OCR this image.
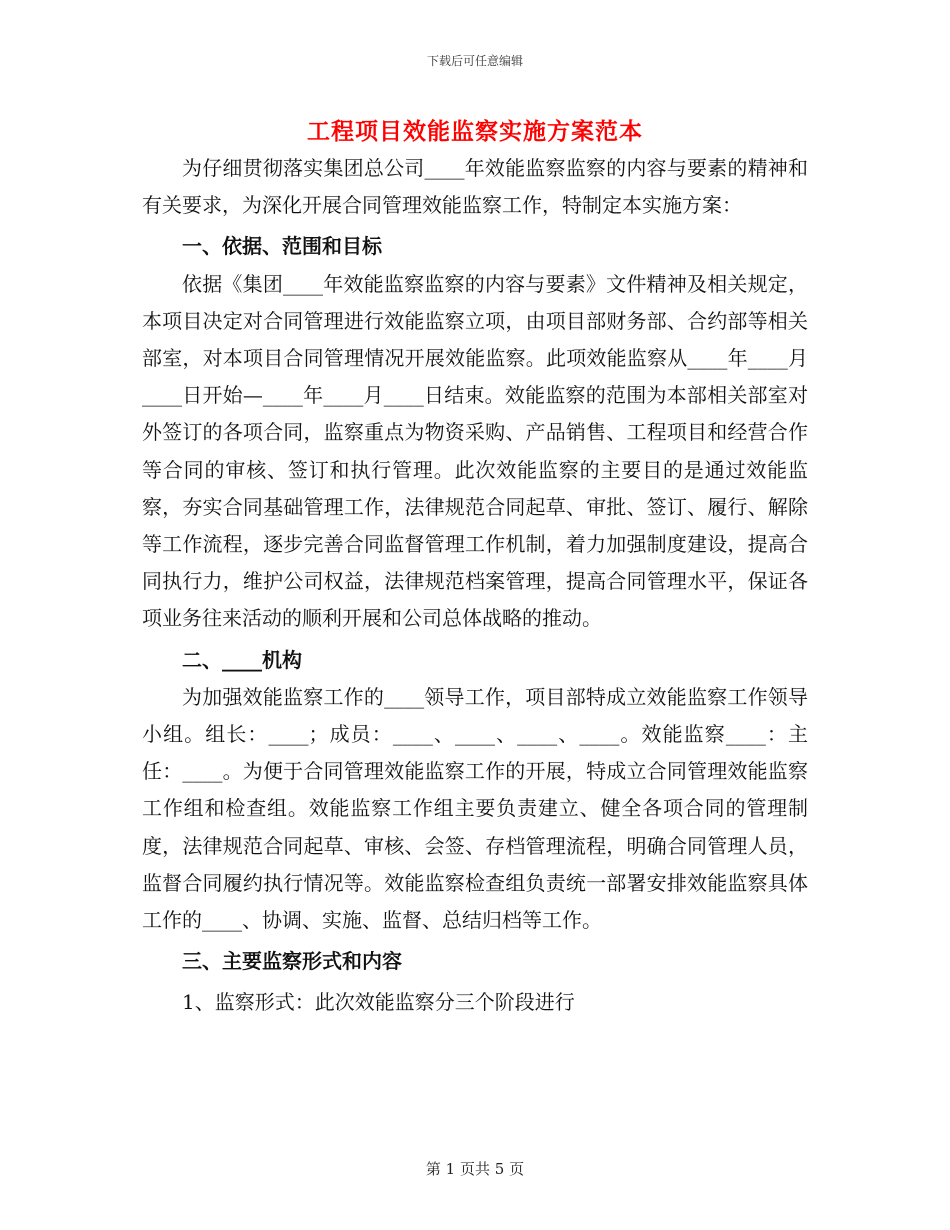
下载后可任意编辑
工程项目效能监察实施方案范本

为仔细贯彻落实集团总公司____年效能监察监察的内容与要素的精神和有关要求，为深化开展合同管理效能监察工作，特制定本实施方案：

一、依据、范围和目标

依据《集团____年效能监察监察的内容与要素》文件精神及相关规定，本项目决定对合同管理进行效能监察立项，由项目部财务部、合约部等相关部室，对本项目合同管理情况开展效能监察。此项效能监察从____年____月____日开始—____年____月____日结束。效能监察的范围为本部相关部室对外签订的各项合同，监察重点为物资采购、产品销售、工程项目和经营合作等合同的审核、签订和执行管理。此次效能监察的主要目的是通过效能监察，夯实合同基础管理工作，法律规范合同起草、审批、签订、履行、解除等工作流程，逐步完善合同监督管理工作机制，着力加强制度建设，提高合同执行力，维护公司权益，法律规范档案管理，提高合同管理水平，保证各项业务往来活动的顺利开展和公司总体战略的推动。

二、____机构

为加强效能监察工作的____领导工作，项目部特成立效能监察工作领导小组。组长：____；成员：____、____、____、____。效能监察____：主任：____。为便于合同管理效能监察工作的开展，特成立合同管理效能监察工作组和检查组。效能监察工作组主要负责建立、健全各项合同的管理制度，法律规范合同起草、审核、会签、存档管理流程，明确合同管理人员，监督合同履约执行情况等。效能监察检查组负责统一部署安排效能监察具体工作的____、协调、实施、监督、总结归档等工作。

三、主要监察形式和内容

1、监察形式：此次效能监察分三个阶段进行

第 1 页共 5 页
